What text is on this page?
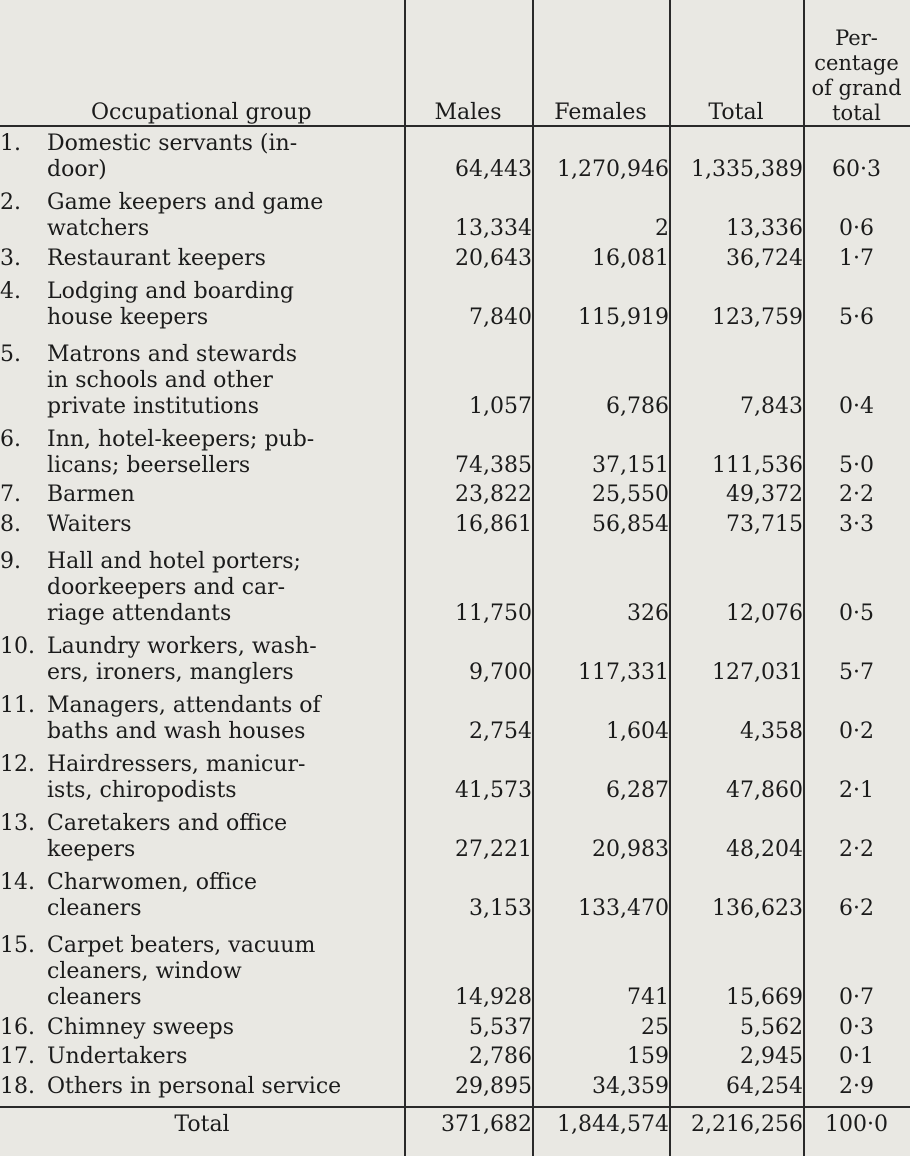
Occupational group	Males	Females	Total	Per-
centage
of grand
total

1. Domestic servants (in-
door)	64,443	1,270,946	1,335,389	60·3
2. Game keepers and game
watchers	13,334	2	13,336	0·6
3. Restaurant keepers	20,643	16,081	36,724	1·7
4. Lodging and boarding
house keepers	7,840	115,919	123,759	5·6
5. Matrons and stewards
in schools and other
private institutions	1,057	6,786	7,843	0·4
6. Inn, hotel-keepers; pub-
licans; beersellers	74,385	37,151	111,536	5·0
7. Barmen	23,822	25,550	49,372	2·2
8. Waiters	16,861	56,854	73,715	3·3
9. Hall and hotel porters;
doorkeepers and car-
riage attendants	11,750	326	12,076	0·5
10. Laundry workers, wash-
ers, ironers, manglers	9,700	117,331	127,031	5·7
11. Managers, attendants of
baths and wash houses	2,754	1,604	4,358	0·2
12. Hairdressers, manicur-
ists, chiropodists	41,573	6,287	47,860	2·1
13. Caretakers and office
keepers	27,221	20,983	48,204	2·2
14. Charwomen, office
cleaners	3,153	133,470	136,623	6·2
15. Carpet beaters, vacuum
cleaners, window
cleaners	14,928	741	15,669	0·7
16. Chimney sweeps	5,537	25	5,562	0·3
17. Undertakers	2,786	159	2,945	0·1
18. Others in personal service	29,895	34,359	64,254	2·9
Total	371,682	1,844,574	2,216,256	100·0
